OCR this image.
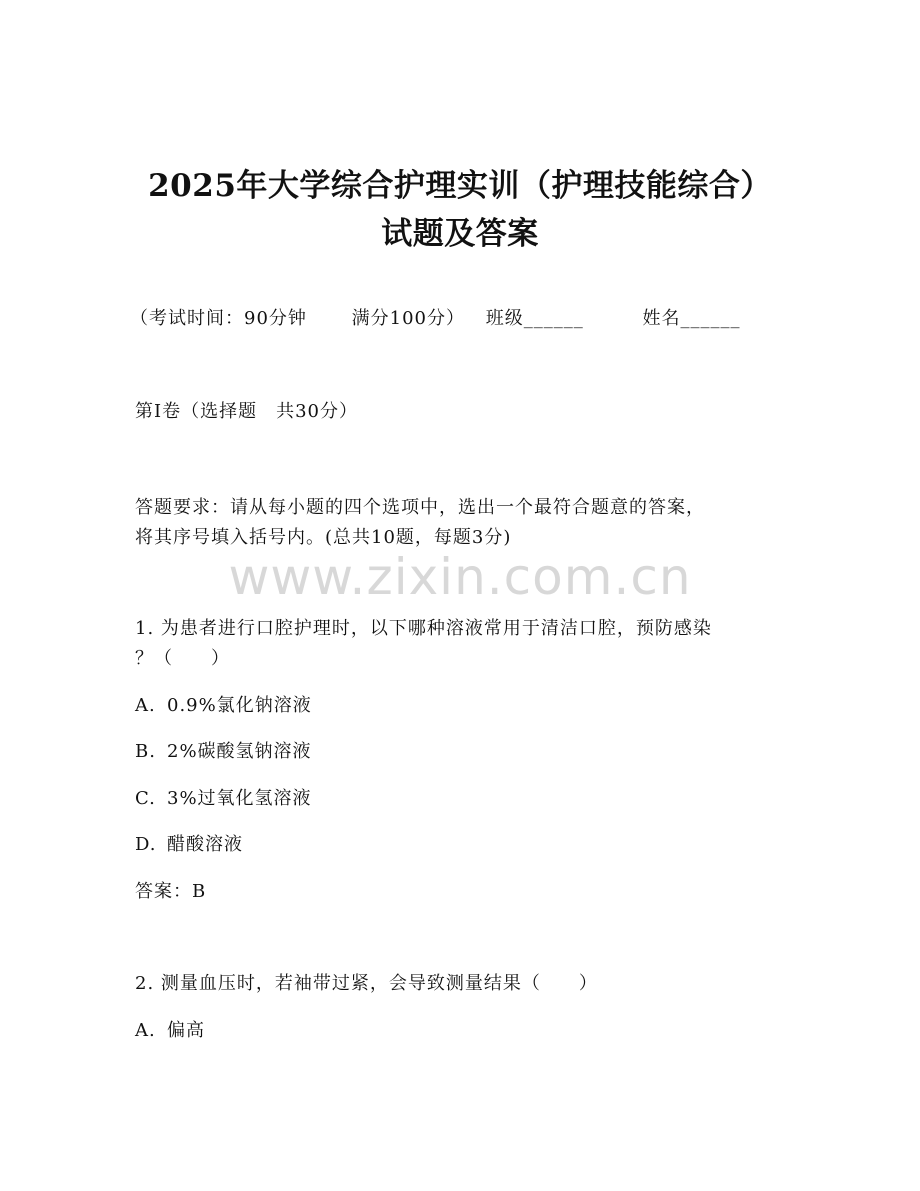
www.zixin.com.cn
2025年大学综合护理实训（护理技能综合）
试题及答案
（考试时间：90分钟 满分100分） 班级______	姓名______
第I卷（选择题　共30分）
答题要求：请从每小题的四个选项中，选出一个最符合题意的答案，
将其序号填入括号内。(总共10题，每题3分)
1. 为患者进行口腔护理时，以下哪种溶液常用于清洁口腔，预防感染
？（　　）
A. 0.9%氯化钠溶液
B. 2%碳酸氢钠溶液
C. 3%过氧化氢溶液
D. 醋酸溶液
答案：B
2. 测量血压时，若袖带过紧，会导致测量结果（　　）
A. 偏高
